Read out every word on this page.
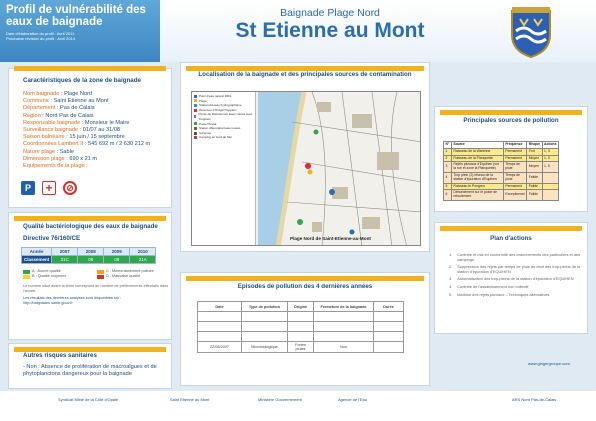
Profil de vulnérabilité des eaux de baignade
Date d'élaboration du profil : Avril 2011
Prochaine révision du profil : Avril 2014
Baignade Plage Nord
St Etienne au Mont
Caractéristiques de la zone de baignade
Nom baignade : Plage Nord
Commune : Saint Etienne au Mont
Département : Pas de Calais
Région : Nord Pas de Calais
Responsable baignade : Monsieur le Maire
Surveillance baignade : 01/07 au 31/08
Saison balnéaire : 15 juin / 15 septembre
Coordonnées Lambert II : 545 692 m / 2 630 212 m
Nature plage : Sable
Dimension plage : 690 x 21 m
Equipements de la plage :
P	+	⊘
Qualité bactériologique des eaux de baignade
Directive 76/160/CE
Année	2007	2008	2009	2010
Classement	21C	06	08	21A
A : Bonne qualité	C : Momentanément polluée
B : Qualité moyenne	D : Mauvaise qualité
Le nombre situé avant la lettre correspond au nombre de prélèvements effectués dans l'année.
Les résultats des dernières analyses sont disponibles sur : http://baignades.sante.gouv.fr
Autres risques sanitaires
- Non : Absence de prolifération de macroalgues et de phytoplanctons dangereux pour la baignade
Localisation de la baignade et des principales sources de contamination
Point d'eau naturel RRG
Plage
Stations/réseau hydrographique
Déversoir d'Orage/Tropplein
Points de Rebutement Eaux Usées avec Tropplein
Poste Pluvial
Station d'Épuration/eaux usées
Surverse
Camping en bord de Mer
Plage Nord de Saint-Etienne-au-Mont
Episodes de pollution des 4 dernières années
Date	Type de pollution	Origine	Fermeture de la baignade	Durée

22/05/2007	Microbiologique	Fortes pluies	Non	
Principales sources de pollution
N°	Source	Fréquence	Risque	Actions
1	Ruisseau de la Warenne	Permanent	Fort	1, 3
2	Ruisseau de la Planquette	Permanent	Moyen	1, 5
3	Rejets pluviaux d'Equihen (sur la rue et zone la Planquette)	Temps de pluie	Moyen	1, 5
4	Trop plein (2) réseau de la station d'épuration d'Equihen	Temps de pluie	Faible	
5	Ruisseau le Pongreu	Permanent	Faible	
6	Débordement sur le poste de refoulement	Exceptionnel	Faible	
Plan d'actions
1. Contrôle et mis en conformité des branchements des particuliers et des campings
2. Suppression des rejets par temps de pluie au droit des trop-pleins de la station d'épuration d'EQUIHEN
3. Automatisation des trop-pleins de la station d'épuration d'EQUIHEN
4. Contrôle de l'assainissement non collectif
5. Maîtrise des rejets pluviaux – Techniques alternatives
www.gingergroupe.com
Syndicat Mixte de la Côte d'Opale	Saint Etienne au Mont	Ministère Gouvernement	Agence de l'Eau	ARS Nord Pas-de-Calais
